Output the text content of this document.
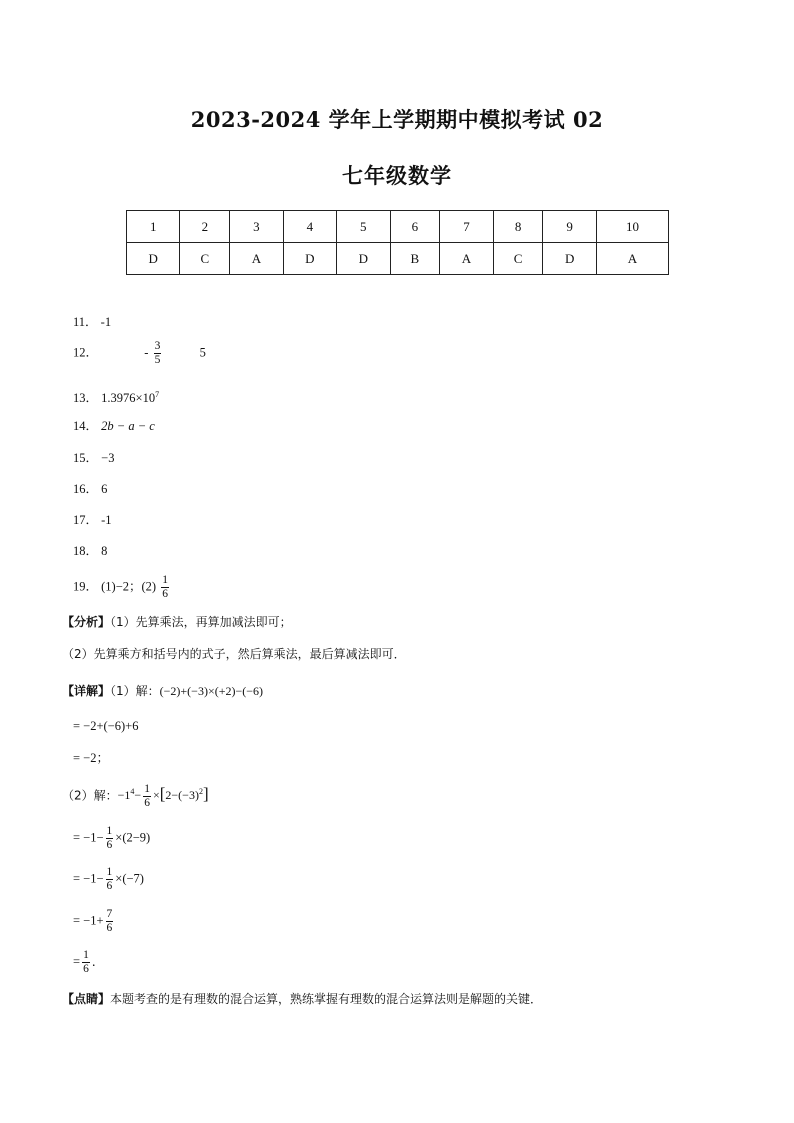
2023-2024 学年上学期期中模拟考试 02
七年级数学
1	2	3	4	5	6	7	8	9	10
D	C	A	D	D	B	A	C	D	A
11． -1
12．	- $\frac{3}{5}$	5
13． $1.3976\times 10^7$
14． 2b − a − c
15． −3
16． 6
17． -1
18． 8
19． (1)−2；$(2) \frac{1}{6}$
【分析】（1）先算乘法，再算加减法即可；
（2）先算乘方和括号内的式子，然后算乘法，最后算减法即可．
【详解】（1）解：(−2)+(−3)×(+2)−(−6)
= −2+(−6)+6
= −2；
（2）解：$-1^4- \frac{1}{6} \times[2-(-3)^2]$
= $-1- \frac{1}{6} \times(2-9)$
= $-1- \frac{1}{6} \times(-7)$
= $-1+ \frac{7}{6}$
= $\frac{1}{6}$ ．
【点睛】本题考查的是有理数的混合运算，熟练掌握有理数的混合运算法则是解题的关键．
